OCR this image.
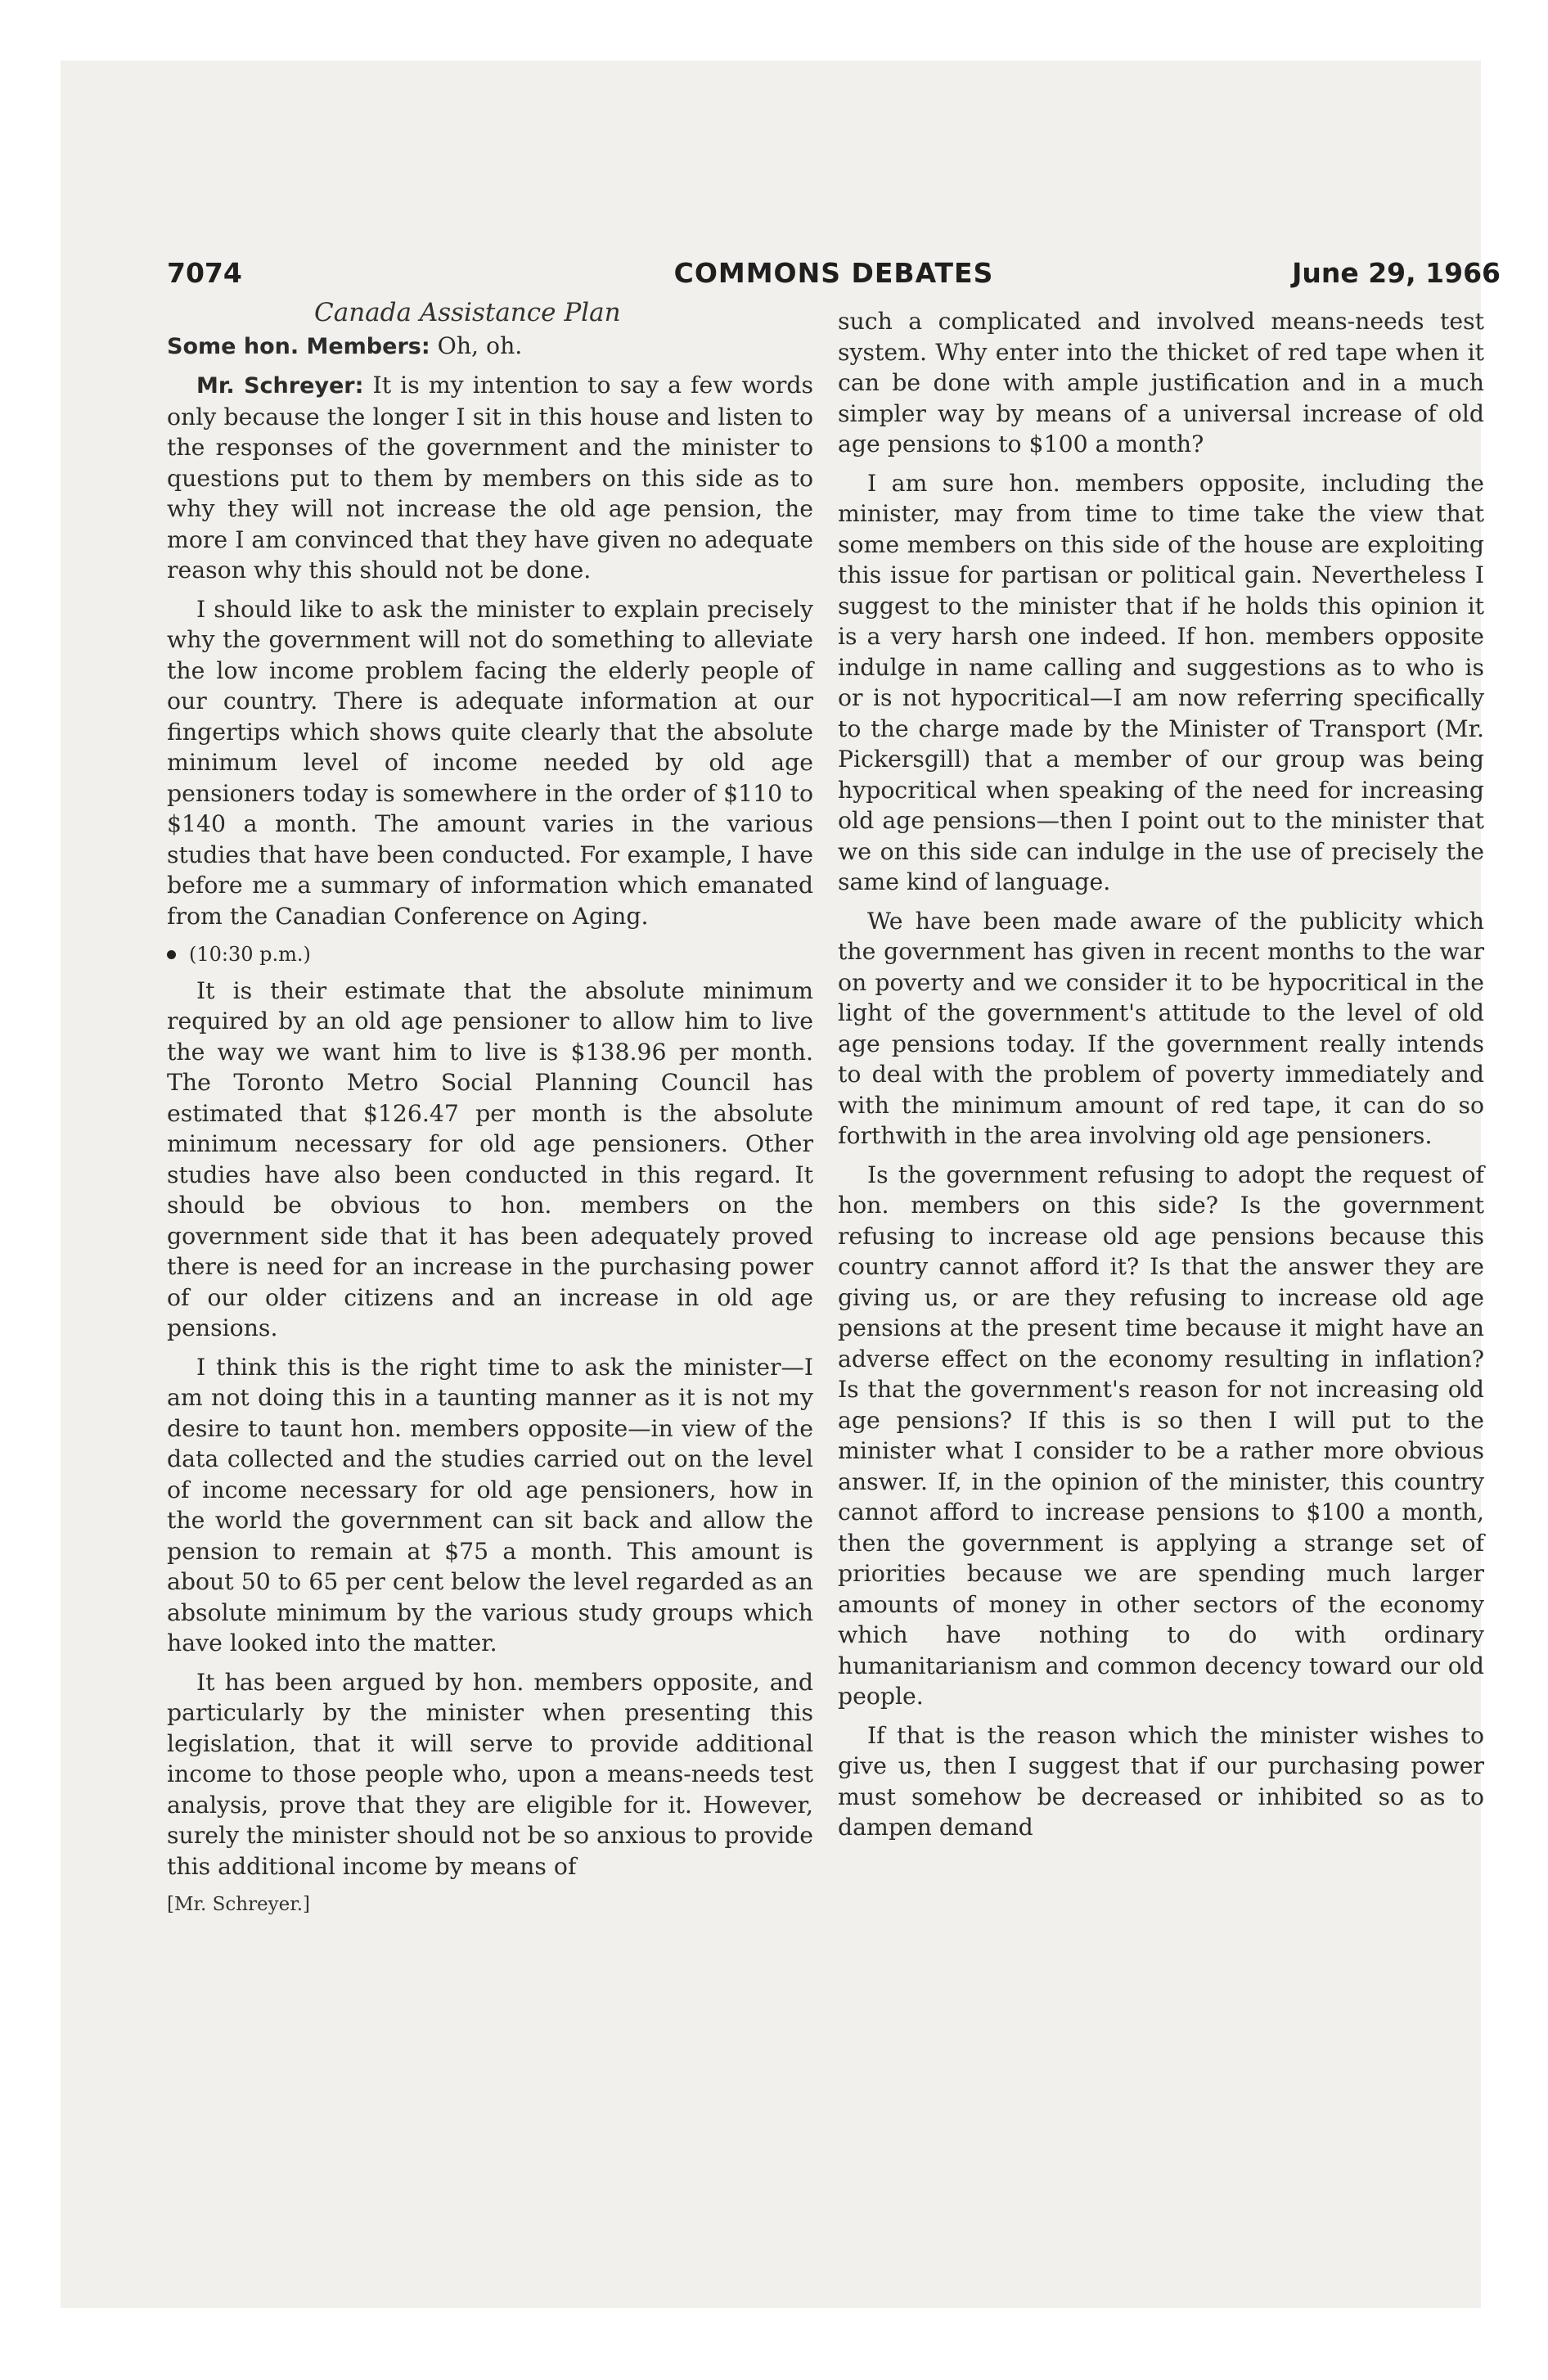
7074	COMMONS DEBATES	June 29, 1966
Canada Assistance Plan

Some hon. Members: Oh, oh.

Mr. Schreyer: It is my intention to say a few words only because the longer I sit in this house and listen to the responses of the government and the minister to questions put to them by members on this side as to why they will not increase the old age pension, the more I am convinced that they have given no adequate reason why this should not be done.

I should like to ask the minister to explain precisely why the government will not do something to alleviate the low income problem facing the elderly people of our country. There is adequate information at our fingertips which shows quite clearly that the absolute minimum level of income needed by old age pensioners today is somewhere in the order of $110 to $140 a month. The amount varies in the various studies that have been conducted. For example, I have before me a summary of information which emanated from the Canadian Conference on Aging.

(10:30 p.m.)

It is their estimate that the absolute minimum required by an old age pensioner to allow him to live the way we want him to live is $138.96 per month. The Toronto Metro Social Planning Council has estimated that $126.47 per month is the absolute minimum necessary for old age pensioners. Other studies have also been conducted in this regard. It should be obvious to hon. members on the government side that it has been adequately proved there is need for an increase in the purchasing power of our older citizens and an increase in old age pensions.

I think this is the right time to ask the minister—I am not doing this in a taunting manner as it is not my desire to taunt hon. members opposite—in view of the data collected and the studies carried out on the level of income necessary for old age pensioners, how in the world the government can sit back and allow the pension to remain at $75 a month. This amount is about 50 to 65 per cent below the level regarded as an absolute minimum by the various study groups which have looked into the matter.

It has been argued by hon. members opposite, and particularly by the minister when presenting this legislation, that it will serve to provide additional income to those people who, upon a means-needs test analysis, prove that they are eligible for it. However, surely the minister should not be so anxious to provide this additional income by means of

[Mr. Schreyer.]

such a complicated and involved means-needs test system. Why enter into the thicket of red tape when it can be done with ample justification and in a much simpler way by means of a universal increase of old age pensions to $100 a month?

I am sure hon. members opposite, including the minister, may from time to time take the view that some members on this side of the house are exploiting this issue for partisan or political gain. Nevertheless I suggest to the minister that if he holds this opinion it is a very harsh one indeed. If hon. members opposite indulge in name calling and suggestions as to who is or is not hypocritical—I am now referring specifically to the charge made by the Minister of Transport (Mr. Pickersgill) that a member of our group was being hypocritical when speaking of the need for increasing old age pensions—then I point out to the minister that we on this side can indulge in the use of precisely the same kind of language.

We have been made aware of the publicity which the government has given in recent months to the war on poverty and we consider it to be hypocritical in the light of the government's attitude to the level of old age pensions today. If the government really intends to deal with the problem of poverty immediately and with the minimum amount of red tape, it can do so forthwith in the area involving old age pensioners.

Is the government refusing to adopt the request of hon. members on this side? Is the government refusing to increase old age pensions because this country cannot afford it? Is that the answer they are giving us, or are they refusing to increase old age pensions at the present time because it might have an adverse effect on the economy resulting in inflation? Is that the government's reason for not increasing old age pensions? If this is so then I will put to the minister what I consider to be a rather more obvious answer. If, in the opinion of the minister, this country cannot afford to increase pensions to $100 a month, then the government is applying a strange set of priorities because we are spending much larger amounts of money in other sectors of the economy which have nothing to do with ordinary humanitarianism and common decency toward our old people.

If that is the reason which the minister wishes to give us, then I suggest that if our purchasing power must somehow be decreased or inhibited so as to dampen demand
